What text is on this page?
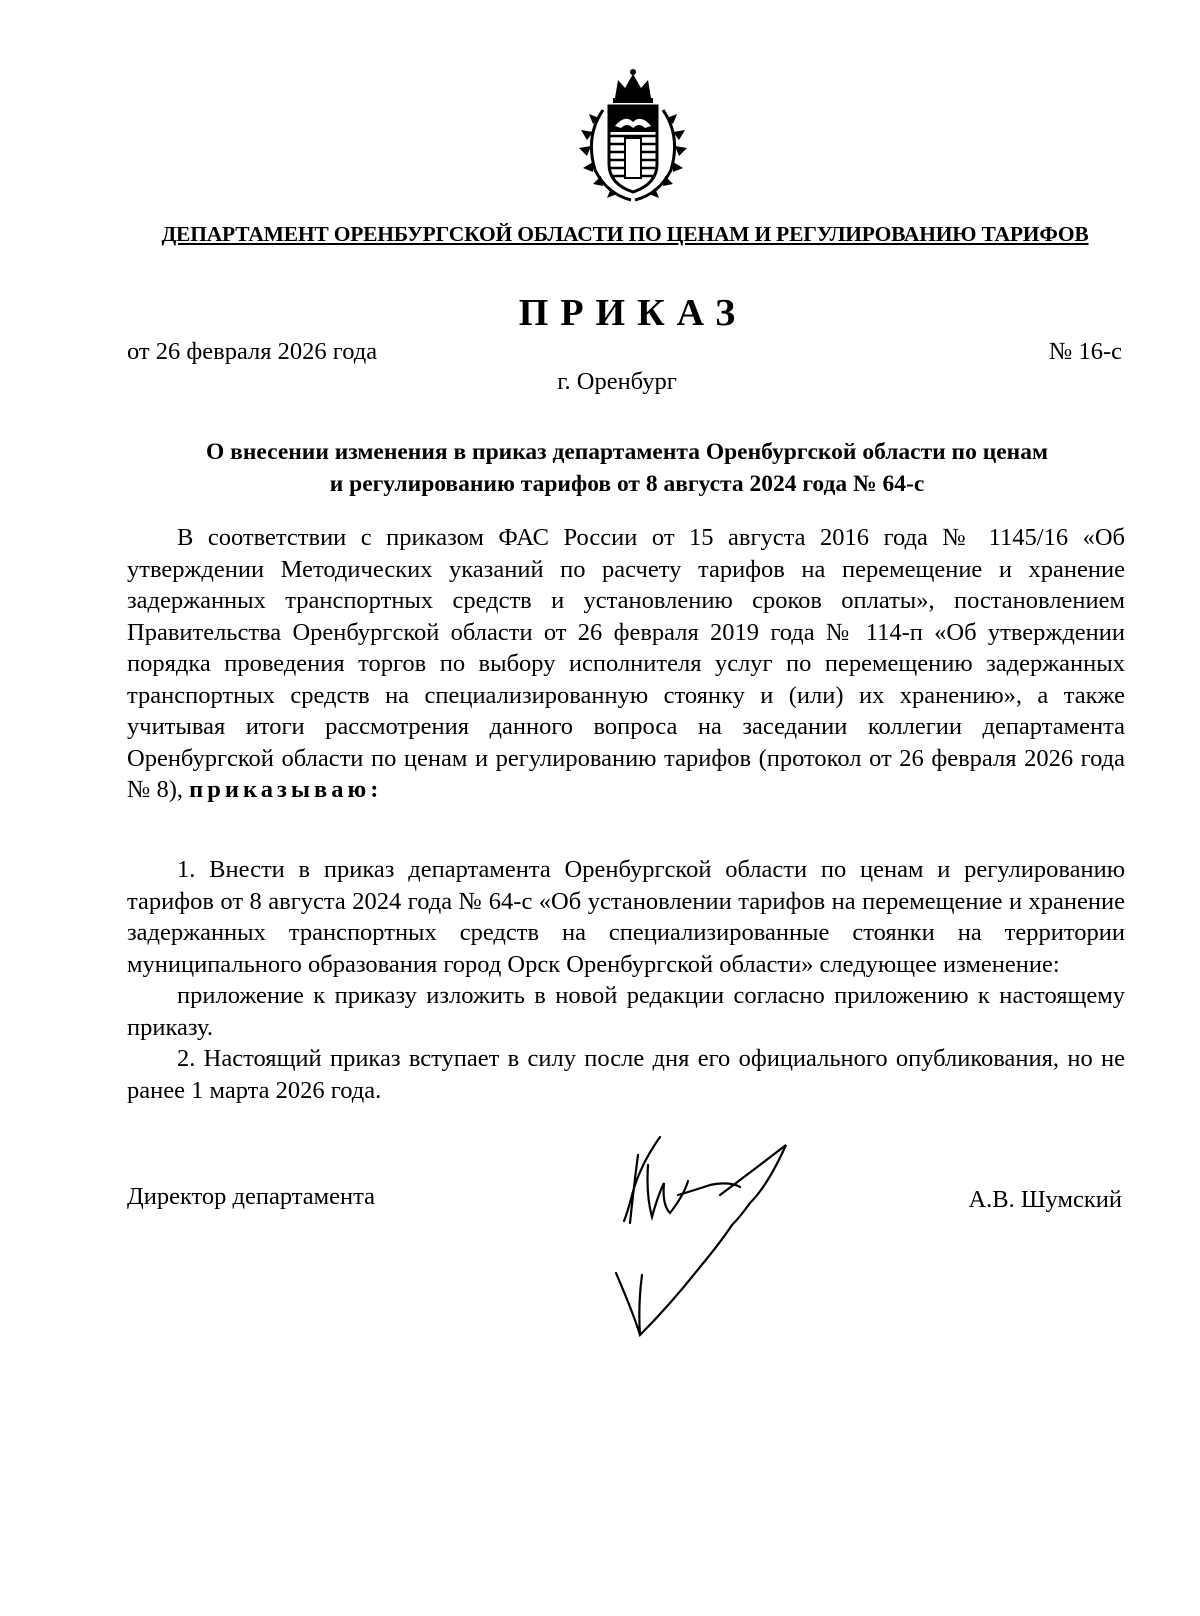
ДЕПАРТАМЕНТ ОРЕНБУРГСКОЙ ОБЛАСТИ ПО ЦЕНАМ И РЕГУЛИРОВАНИЮ ТАРИФОВ
ПРИКАЗ
от 26 февраля 2026 года	№ 16-с
г. Оренбург
О внесении изменения в приказ департамента Оренбургской области по ценам
и регулированию тарифов от 8 августа 2024 года № 64-с

В соответствии с приказом ФАС России от 15 августа 2016 года № 1145/16 «Об утверждении Методических указаний по расчету тарифов на перемещение и хранение задержанных транспортных средств и установлению сроков оплаты», постановлением Правительства Оренбургской области от 26 февраля 2019 года № 114-п «Об утверждении порядка проведения торгов по выбору исполнителя услуг по перемещению задержанных транспортных средств на специализированную стоянку и (или) их хранению», а также учитывая итоги рассмотрения данного вопроса на заседании коллегии департамента Оренбургской области по ценам и регулированию тарифов (протокол от 26 февраля 2026 года № 8), приказываю:

1. Внести в приказ департамента Оренбургской области по ценам и регулированию тарифов от 8 августа 2024 года № 64-с «Об установлении тарифов на перемещение и хранение задержанных транспортных средств на специализированные стоянки на территории муниципального образования город Орск Оренбургской области» следующее изменение:

приложение к приказу изложить в новой редакции согласно приложению к настоящему приказу.

2. Настоящий приказ вступает в силу после дня его официального опубликования, но не ранее 1 марта 2026 года.

Директор департамента	А.В. Шумский
